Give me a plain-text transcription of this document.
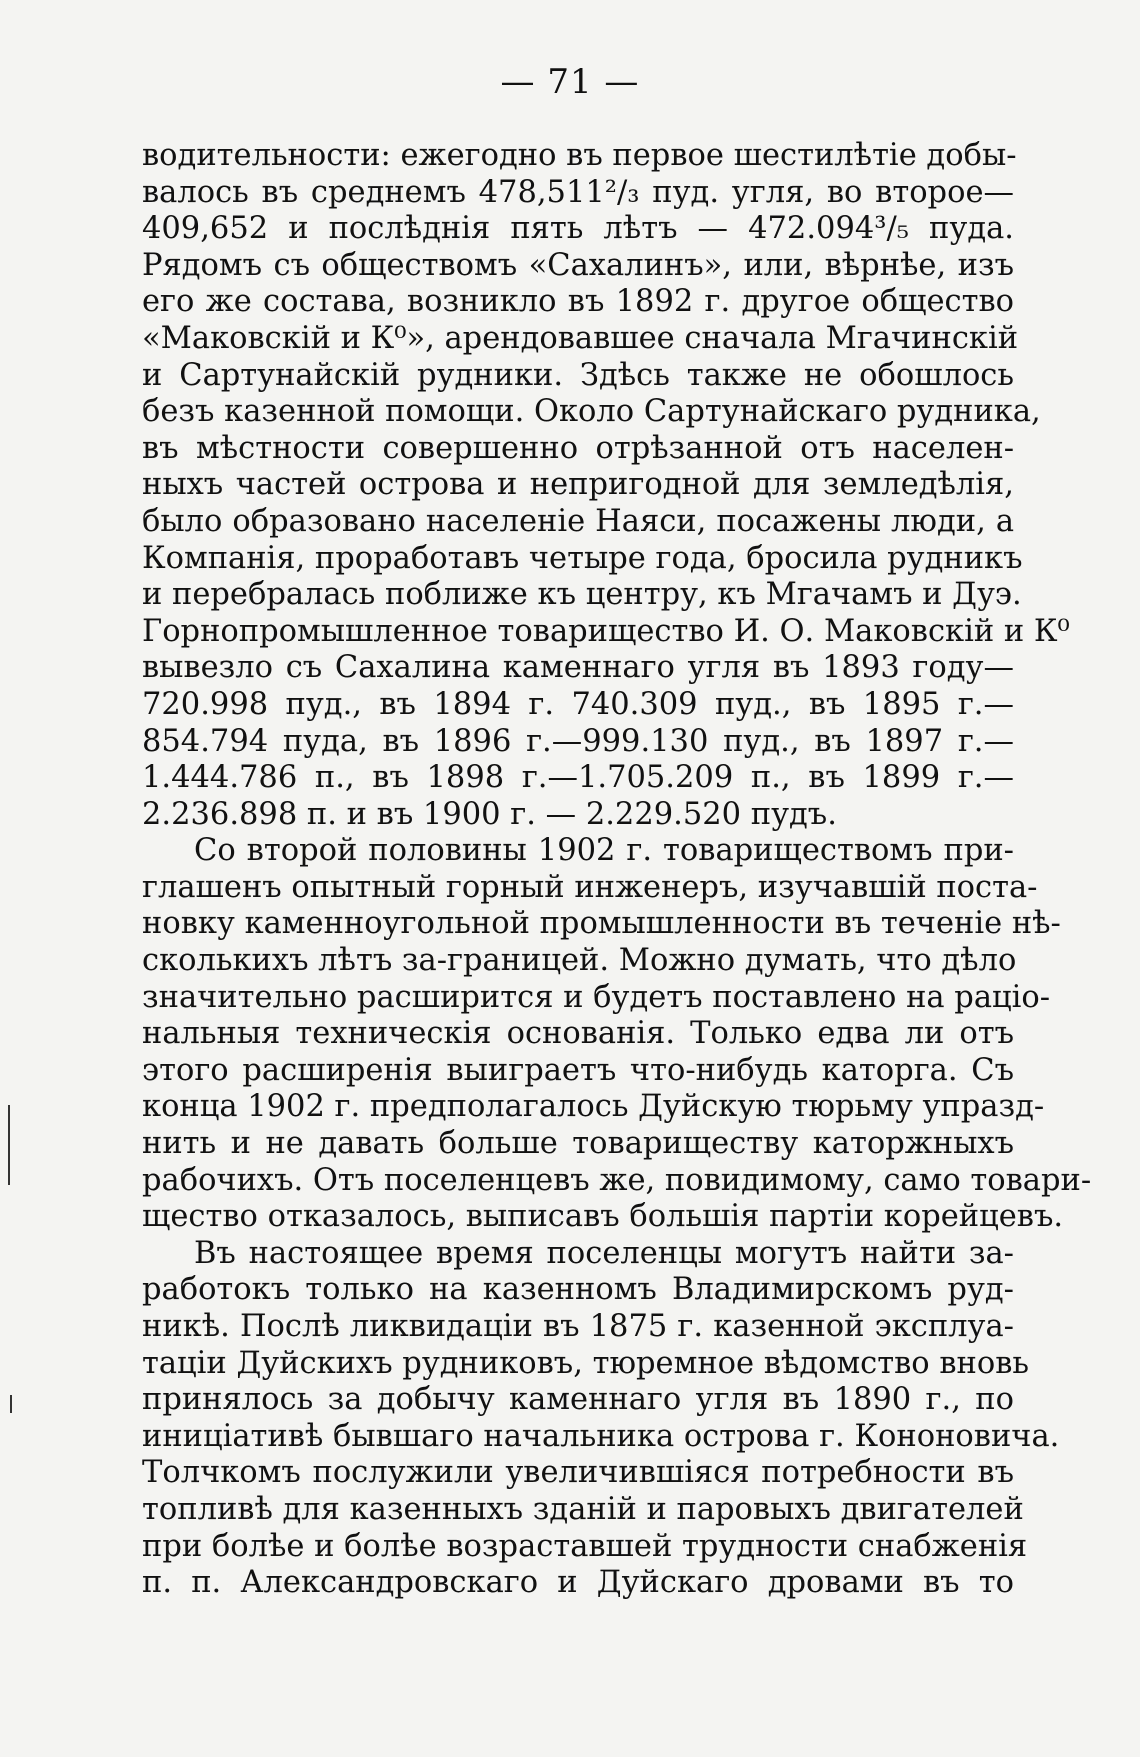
— 71 —
водительности: ежегодно въ первое шестилѣтіе добы-
валось въ среднемъ 478,511²/₃ пуд. угля, во второе—
409,652 и послѣднія пять лѣтъ — 472.094³/₅ пуда.
Рядомъ съ обществомъ «Сахалинъ», или, вѣрнѣе, изъ
его же состава, возникло въ 1892 г. другое общество
«Маковскій и К⁰», арендовавшее сначала Мгачинскій
и Сартунайскій рудники. Здѣсь также не обошлось
безъ казенной помощи. Около Сартунайскаго рудника,
въ мѣстности совершенно отрѣзанной отъ населен-
ныхъ частей острова и непригодной для земледѣлія,
было образовано населеніе Наяси, посажены люди, а
Компанія, проработавъ четыре года, бросила рудникъ
и перебралась поближе къ центру, къ Мгачамъ и Дуэ.
Горнопромышленное товарищество И. О. Маковскій и К⁰
вывезло съ Сахалина каменнаго угля въ 1893 году—
720.998 пуд., въ 1894 г. 740.309 пуд., въ 1895 г.—
854.794 пуда, въ 1896 г.—999.130 пуд., въ 1897 г.—
1.444.786 п., въ 1898 г.—1.705.209 п., въ 1899 г.—
2.236.898 п. и въ 1900 г. — 2.229.520 пудъ.
Со второй половины 1902 г. товариществомъ при-
глашенъ опытный горный инженеръ, изучавшій поста-
новку каменноугольной промышленности въ теченіе нѣ-
сколькихъ лѣтъ за-границей. Можно думать, что дѣло
значительно расширится и будетъ поставлено на раціо-
нальныя техническія основанія. Только едва ли отъ
этого расширенія выиграетъ что-нибудь каторга. Съ
конца 1902 г. предполагалось Дуйскую тюрьму упразд-
нить и не давать больше товариществу каторжныхъ
рабочихъ. Отъ поселенцевъ же, повидимому, само товари-
щество отказалось, выписавъ большія партіи корейцевъ.
Въ настоящее время поселенцы могутъ найти за-
работокъ только на казенномъ Владимирскомъ руд-
никѣ. Послѣ ликвидаціи въ 1875 г. казенной эксплуа-
таціи Дуйскихъ рудниковъ, тюремное вѣдомство вновь
принялось за добычу каменнаго угля въ 1890 г., по
иниціативѣ бывшаго начальника острова г. Кононовича.
Толчкомъ послужили увеличившіяся потребности въ
топливѣ для казенныхъ зданій и паровыхъ двигателей
при болѣе и болѣе возраставшей трудности снабженія
п. п. Александровскаго и Дуйскаго дровами въ то
